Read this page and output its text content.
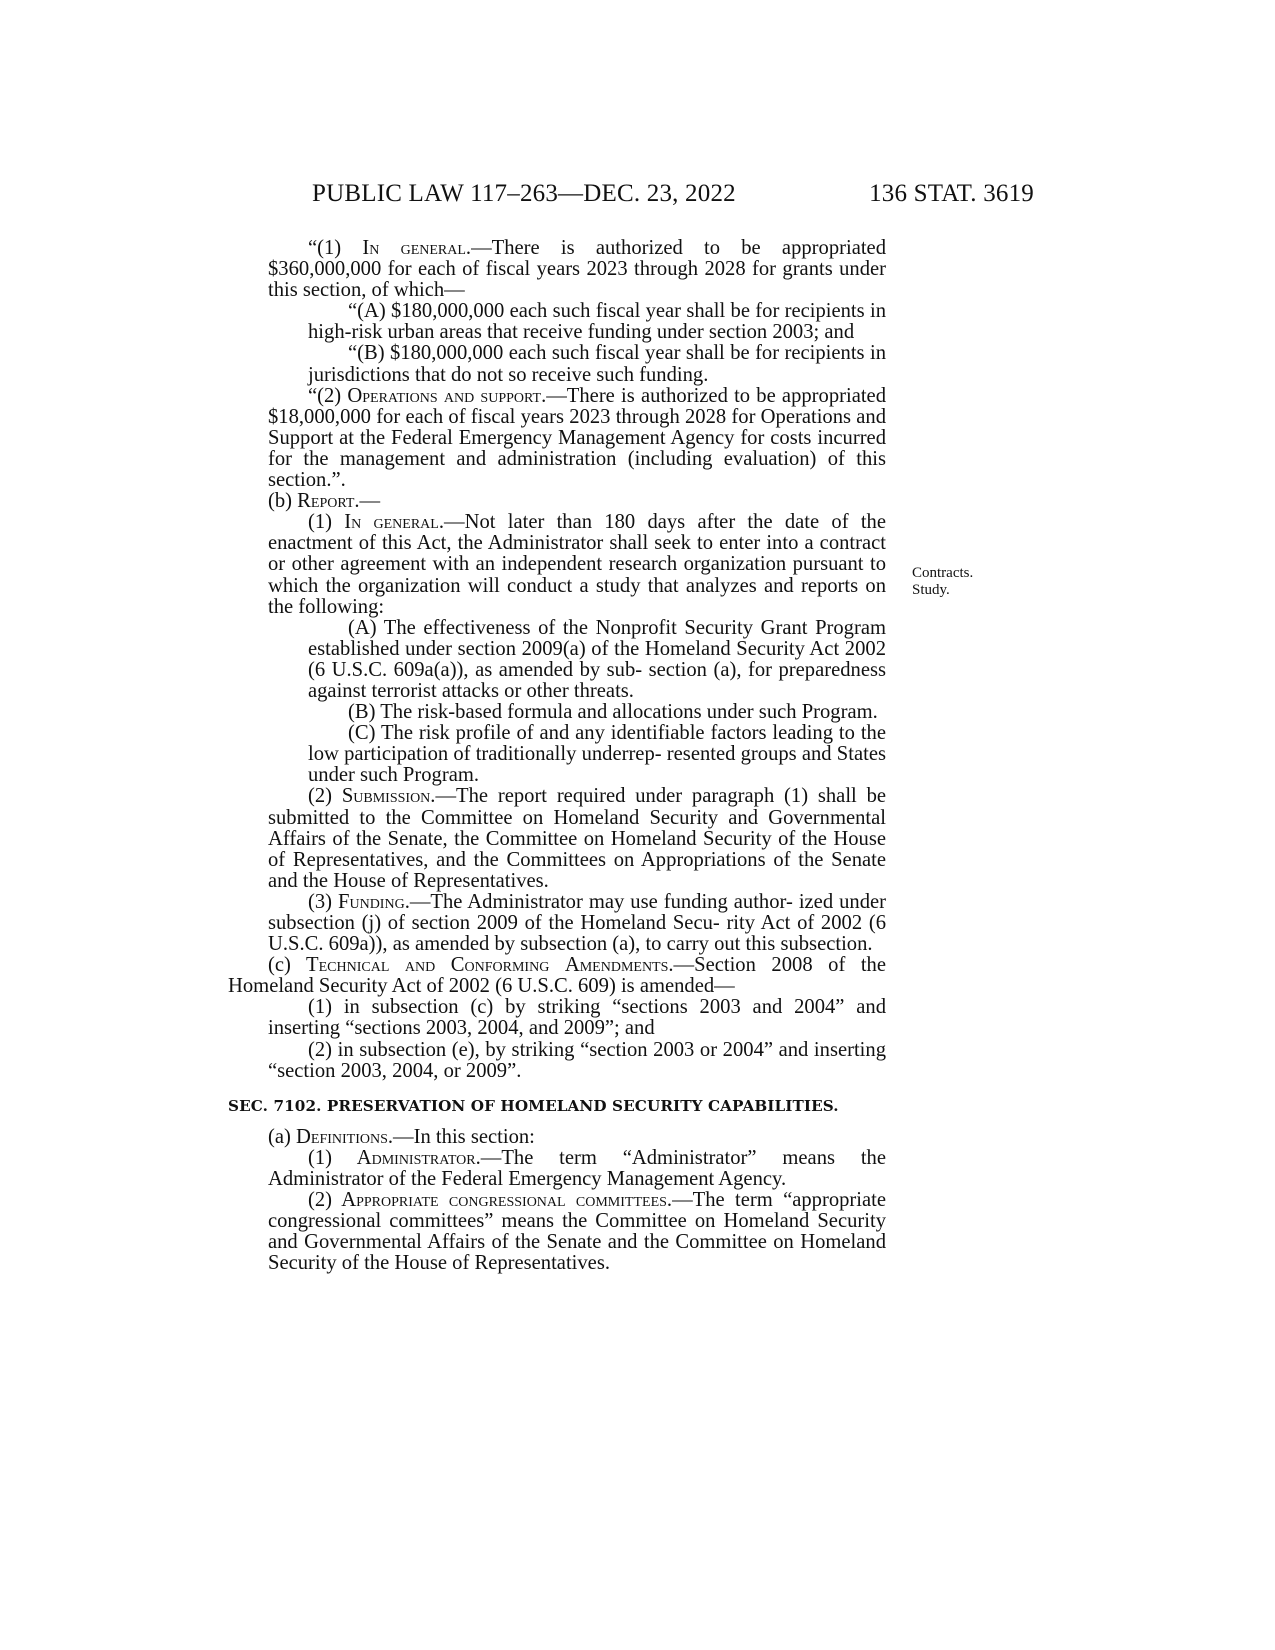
PUBLIC LAW 117–263—DEC. 23, 2022	136 STAT. 3619
Contracts.
Study.

“(1) In general.—There is authorized to be appropriated $360,000,000 for each of fiscal years 2023 through 2028 for grants under this section, of which—

“(A) $180,000,000 each such fiscal year shall be for recipients in high-risk urban areas that receive funding under section 2003; and

“(B) $180,000,000 each such fiscal year shall be for recipients in jurisdictions that do not so receive such funding.

“(2) Operations and support.—There is authorized to be appropriated $18,000,000 for each of fiscal years 2023 through 2028 for Operations and Support at the Federal Emergency Management Agency for costs incurred for the management and administration (including evaluation) of this section.”.

(b) Report.—

(1) In general.—Not later than 180 days after the date of the enactment of this Act, the Administrator shall seek to enter into a contract or other agreement with an independent research organization pursuant to which the organization will conduct a study that analyzes and reports on the following:

(A) The effectiveness of the Nonprofit Security Grant Program established under section 2009(a) of the Homeland Security Act 2002 (6 U.S.C. 609a(a)), as amended by sub- section (a), for preparedness against terrorist attacks or other threats.

(B) The risk-based formula and allocations under such Program.

(C) The risk profile of and any identifiable factors leading to the low participation of traditionally underrep- resented groups and States under such Program.

(2) Submission.—The report required under paragraph (1) shall be submitted to the Committee on Homeland Security and Governmental Affairs of the Senate, the Committee on Homeland Security of the House of Representatives, and the Committees on Appropriations of the Senate and the House of Representatives.

(3) Funding.—The Administrator may use funding author- ized under subsection (j) of section 2009 of the Homeland Secu- rity Act of 2002 (6 U.S.C. 609a)), as amended by subsection (a), to carry out this subsection.

(c) Technical and Conforming Amendments.—Section 2008 of the Homeland Security Act of 2002 (6 U.S.C. 609) is amended—

(1) in subsection (c) by striking “sections 2003 and 2004” and inserting “sections 2003, 2004, and 2009”; and

(2) in subsection (e), by striking “section 2003 or 2004” and inserting “section 2003, 2004, or 2009”.

SEC. 7102. PRESERVATION OF HOMELAND SECURITY CAPABILITIES.

(a) Definitions.—In this section:

(1) Administrator.—The term “Administrator” means the Administrator of the Federal Emergency Management Agency.

(2) Appropriate congressional committees.—The term “appropriate congressional committees” means the Committee on Homeland Security and Governmental Affairs of the Senate and the Committee on Homeland Security of the House of Representatives.
